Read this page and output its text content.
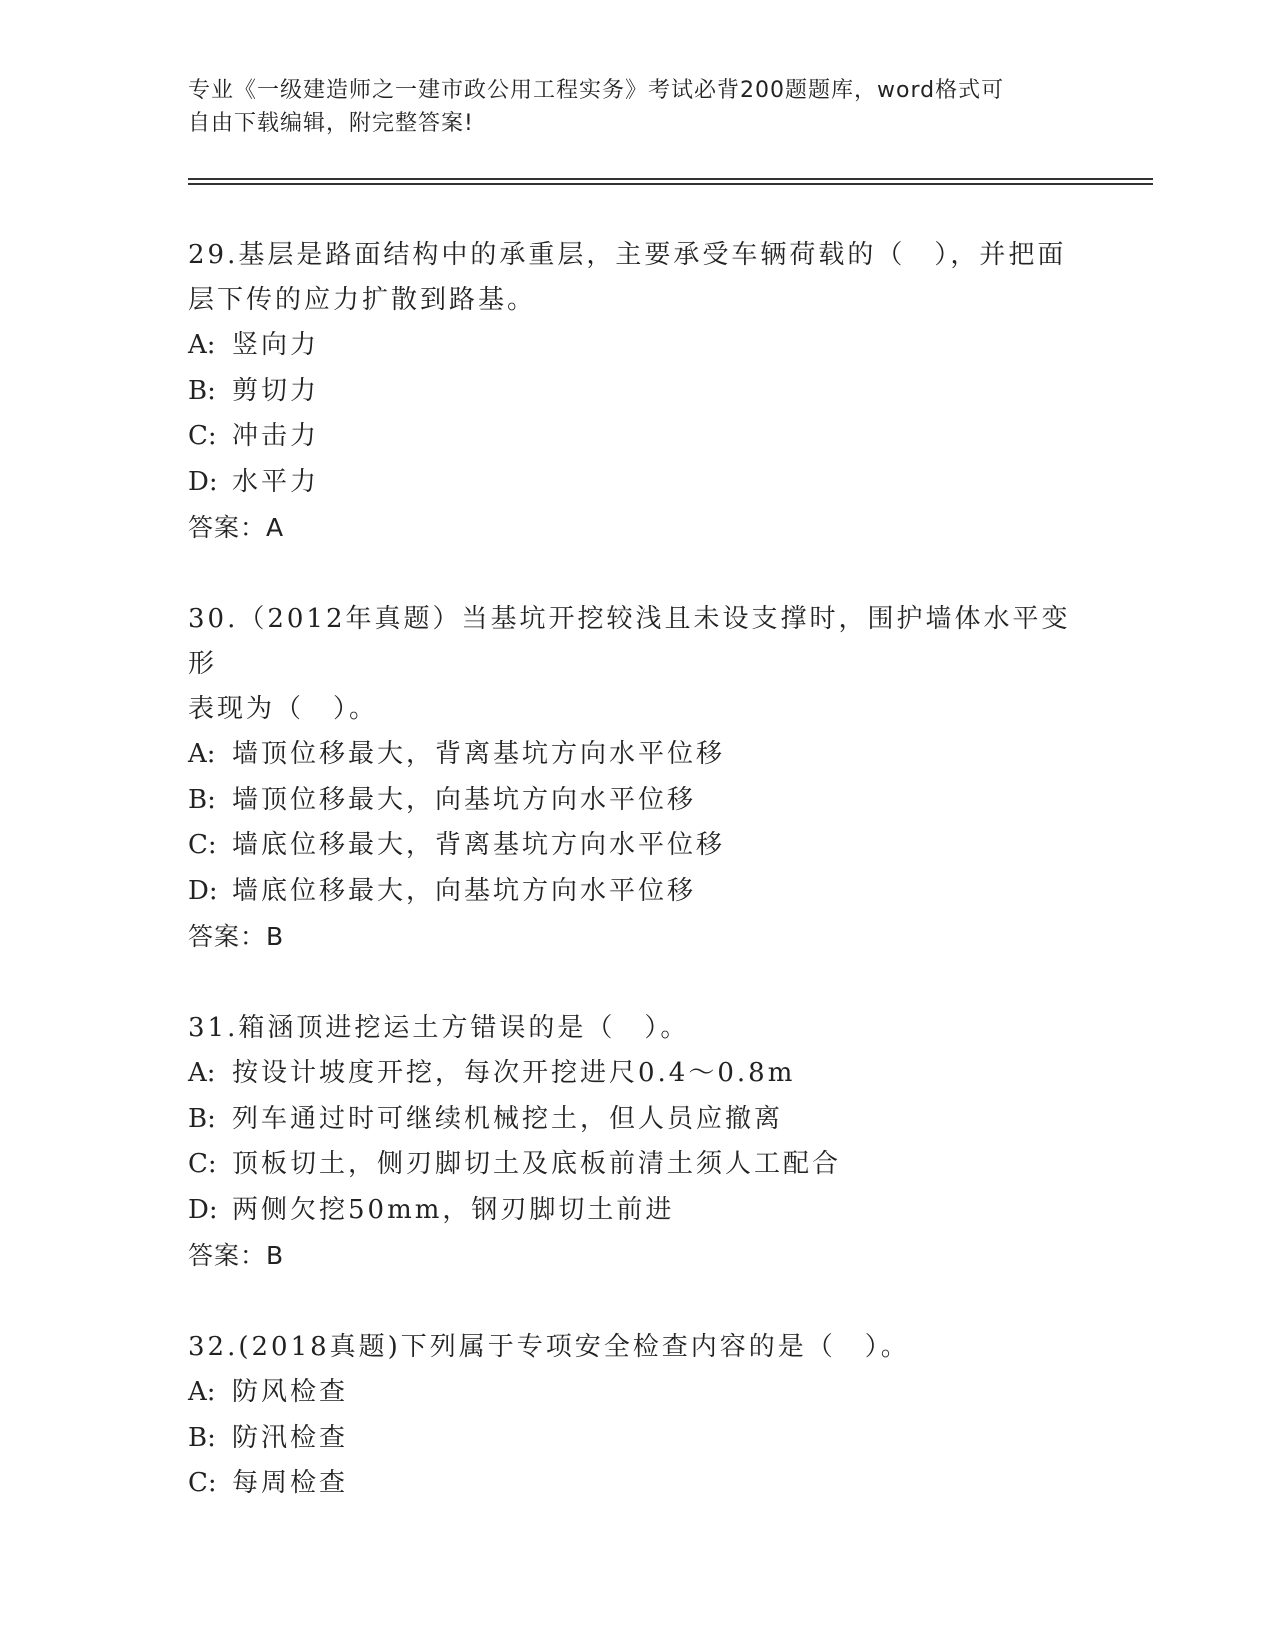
专业《一级建造师之一建市政公用工程实务》考试必背200题题库，word格式可
自由下载编辑，附完整答案!

29.基层是路面结构中的承重层，主要承受车辆荷载的（　），并把面
层下传的应力扩散到路基。

A: 竖向力

B: 剪切力

C: 冲击力

D: 水平力

答案：A

30.（2012年真题）当基坑开挖较浅且未设支撑时，围护墙体水平变形
表现为（　）。

A: 墙顶位移最大，背离基坑方向水平位移

B: 墙顶位移最大，向基坑方向水平位移

C: 墙底位移最大，背离基坑方向水平位移

D: 墙底位移最大，向基坑方向水平位移

答案：B

31.箱涵顶进挖运土方错误的是（　）。

A: 按设计坡度开挖，每次开挖进尺0.4～0.8m

B: 列车通过时可继续机械挖土，但人员应撤离

C: 顶板切土，侧刃脚切土及底板前清土须人工配合

D: 两侧欠挖50mm，钢刃脚切土前进

答案：B

32.(2018真题)下列属于专项安全检查内容的是（　）。

A: 防风检查

B: 防汛检查

C: 每周检查
